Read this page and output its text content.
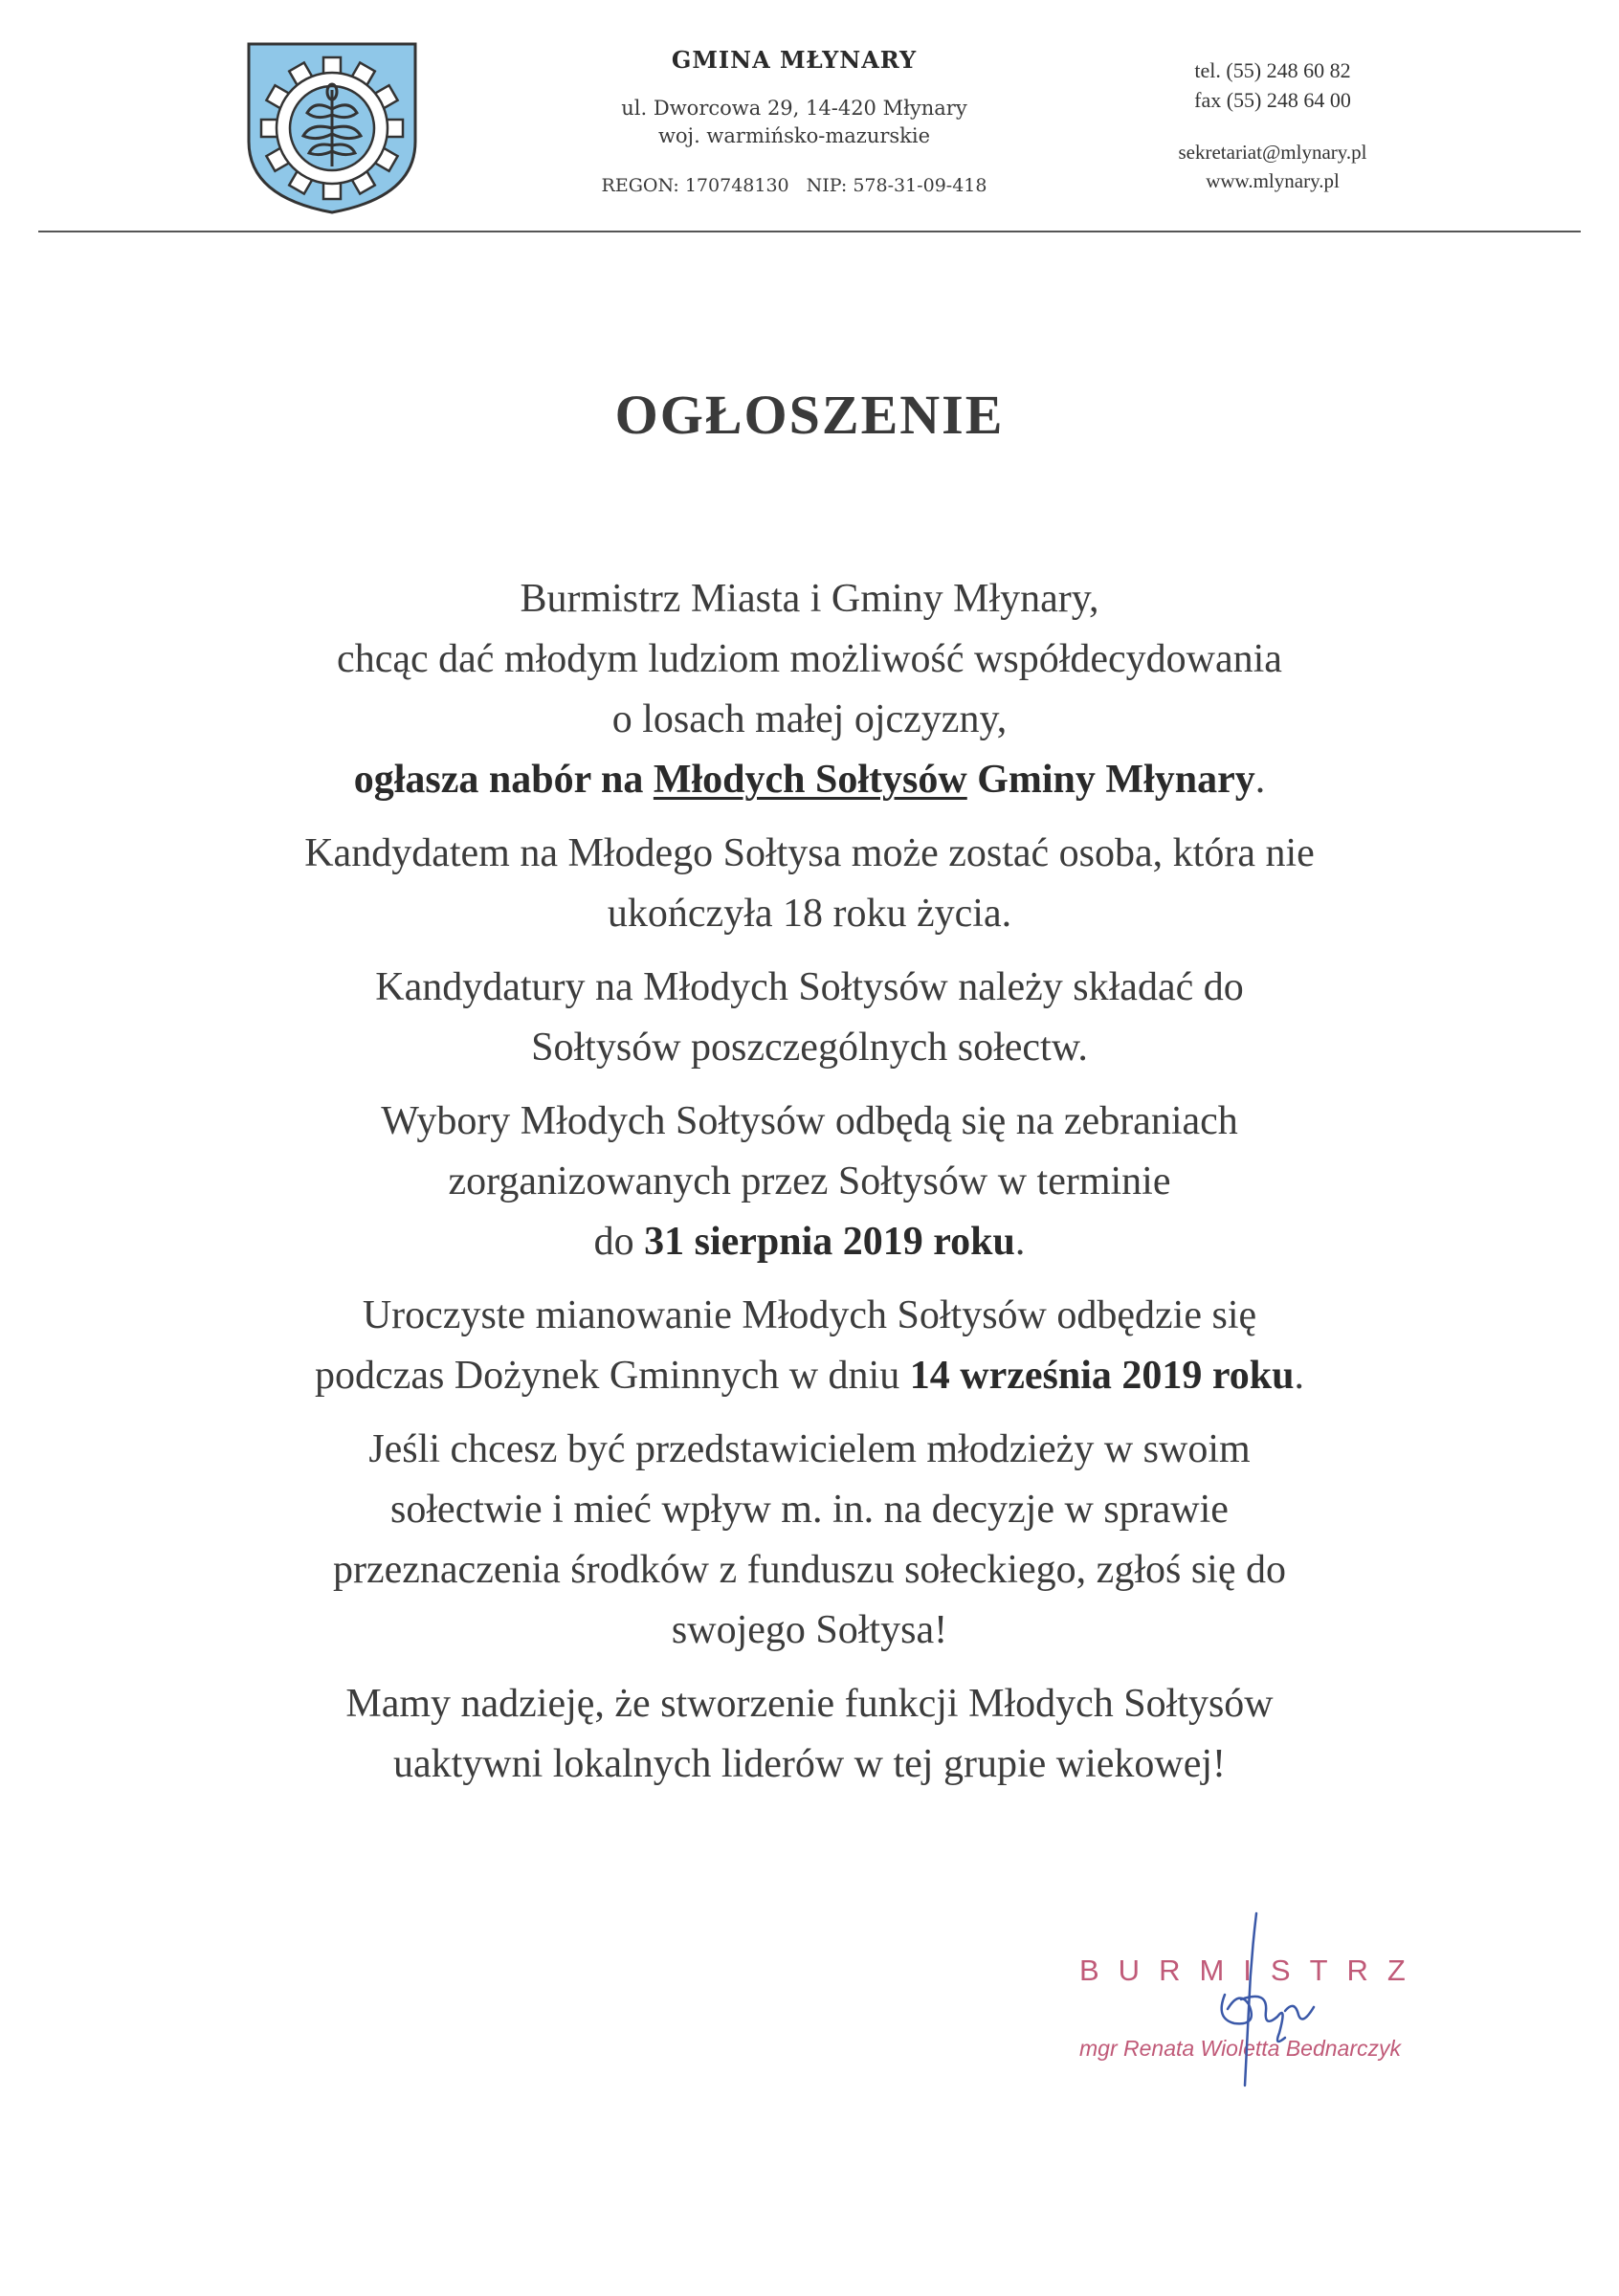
GMINA MŁYNARY

ul. Dworcowa 29, 14-420 Młynary

woj. warmińsko-mazurskie

REGON: 170748130 NIP: 578-31-09-418

tel. (55) 248 60 82

fax (55) 248 64 00

sekretariat@mlynary.pl

www.mlynary.pl

OGŁOSZENIE

Burmistrz Miasta i Gminy Młynary,
chcąc dać młodym ludziom możliwość współdecydowania
o losach małej ojczyzny,
ogłasza nabór na Młodych Sołtysów Gminy Młynary.

Kandydatem na Młodego Sołtysa może zostać osoba, która nie
ukończyła 18 roku życia.

Kandydatury na Młodych Sołtysów należy składać do
Sołtysów poszczególnych sołectw.

Wybory Młodych Sołtysów odbędą się na zebraniach
zorganizowanych przez Sołtysów w terminie
do 31 sierpnia 2019 roku.

Uroczyste mianowanie Młodych Sołtysów odbędzie się
podczas Dożynek Gminnych w dniu 14 września 2019 roku.

Jeśli chcesz być przedstawicielem młodzieży w swoim
sołectwie i mieć wpływ m. in. na decyzje w sprawie
przeznaczenia środków z funduszu sołeckiego, zgłoś się do
swojego Sołtysa!

Mamy nadzieję, że stworzenie funkcji Młodych Sołtysów
uaktywni lokalnych liderów w tej grupie wiekowej!

BURMISTRZ

mgr Renata Wioletta Bednarczyk
